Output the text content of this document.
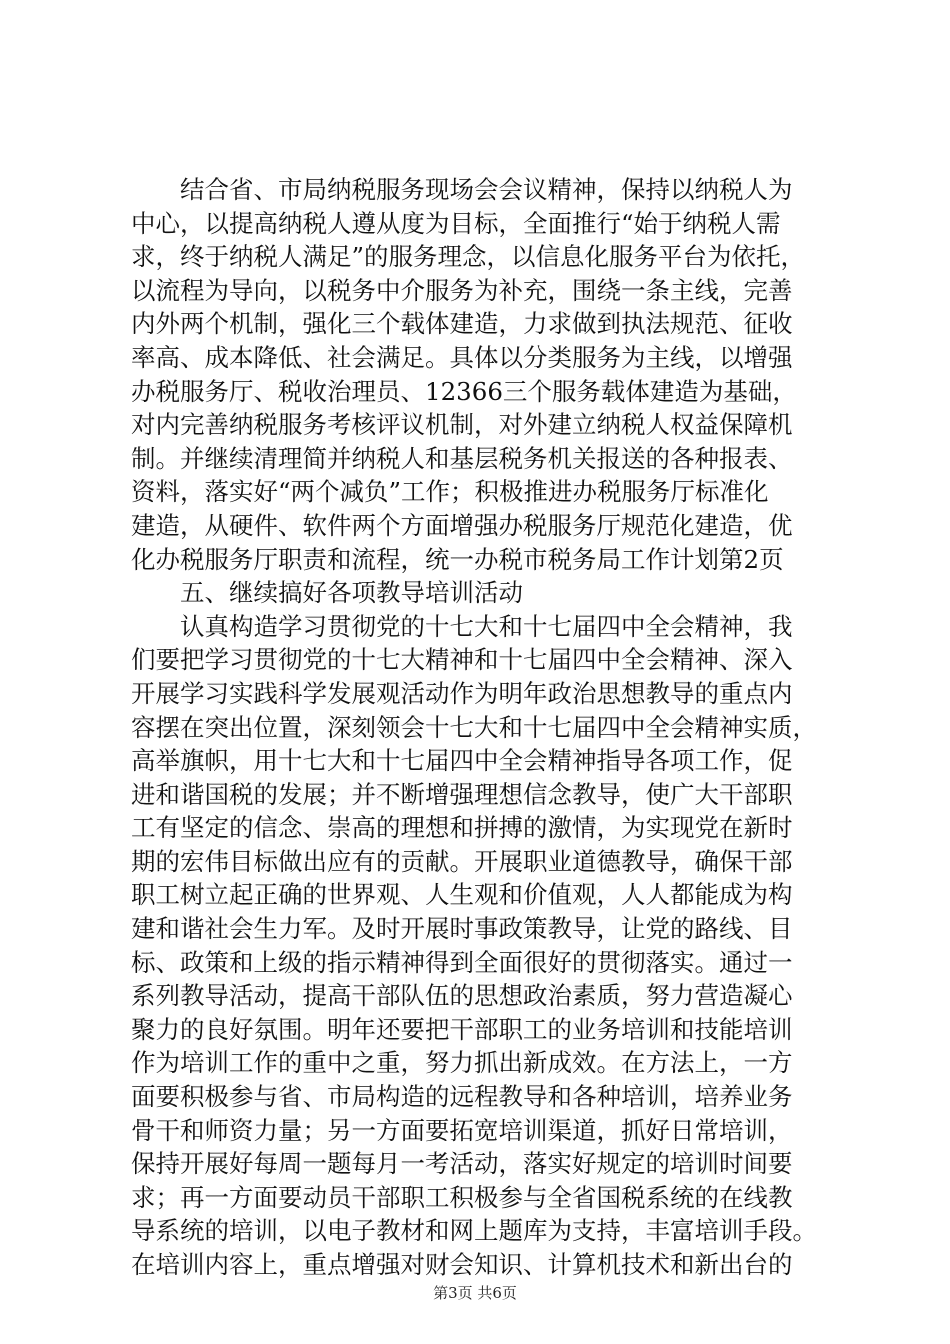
结合省、市局纳税服务现场会会议精神，保持以纳税人为
中心，以提高纳税人遵从度为目标，全面推行“始于纳税人需
求，终于纳税人满足”的服务理念，以信息化服务平台为依托，
以流程为导向，以税务中介服务为补充，围绕一条主线，完善
内外两个机制，强化三个载体建造，力求做到执法规范、征收
率高、成本降低、社会满足。具体以分类服务为主线，以增强
办税服务厅、税收治理员、12366三个服务载体建造为基础，
对内完善纳税服务考核评议机制，对外建立纳税人权益保障机
制。并继续清理简并纳税人和基层税务机关报送的各种报表、
资料，落实好“两个减负”工作；积极推进办税服务厅标准化
建造，从硬件、软件两个方面增强办税服务厅规范化建造，优
化办税服务厅职责和流程，统一办税市税务局工作计划第2页
五、继续搞好各项教导培训活动
认真构造学习贯彻党的十七大和十七届四中全会精神，我
们要把学习贯彻党的十七大精神和十七届四中全会精神、深入
开展学习实践科学发展观活动作为明年政治思想教导的重点内
容摆在突出位置，深刻领会十七大和十七届四中全会精神实质，
高举旗帜，用十七大和十七届四中全会精神指导各项工作，促
进和谐国税的发展；并不断增强理想信念教导，使广大干部职
工有坚定的信念、崇高的理想和拼搏的激情，为实现党在新时
期的宏伟目标做出应有的贡献。开展职业道德教导，确保干部
职工树立起正确的世界观、人生观和价值观，人人都能成为构
建和谐社会生力军。及时开展时事政策教导，让党的路线、目
标、政策和上级的指示精神得到全面很好的贯彻落实。通过一
系列教导活动，提高干部队伍的思想政治素质，努力营造凝心
聚力的良好氛围。明年还要把干部职工的业务培训和技能培训
作为培训工作的重中之重，努力抓出新成效。在方法上，一方
面要积极参与省、市局构造的远程教导和各种培训，培养业务
骨干和师资力量；另一方面要拓宽培训渠道，抓好日常培训，
保持开展好每周一题每月一考活动，落实好规定的培训时间要
求；再一方面要动员干部职工积极参与全省国税系统的在线教
导系统的培训，以电子教材和网上题库为支持，丰富培训手段。
在培训内容上，重点增强对财会知识、计算机技术和新出台的
第3页 共6页
